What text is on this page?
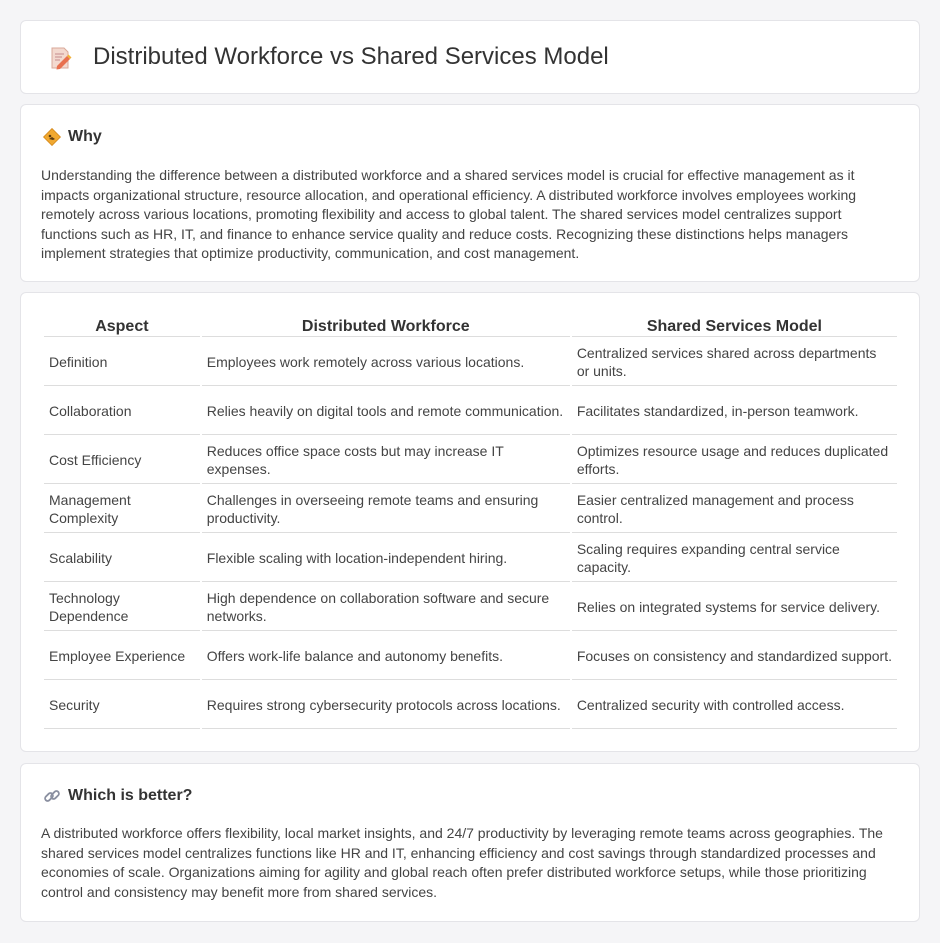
Distributed Workforce vs Shared Services Model
Why

Understanding the difference between a distributed workforce and a shared services model is crucial for effective management as it impacts organizational structure, resource allocation, and operational efficiency. A distributed workforce involves employees working remotely across various locations, promoting flexibility and access to global talent. The shared services model centralizes support functions such as HR, IT, and finance to enhance service quality and reduce costs. Recognizing these distinctions helps managers implement strategies that optimize productivity, communication, and cost management.

Aspect	Distributed Workforce	Shared Services Model
Definition	Employees work remotely across various locations.	Centralized services shared across departments or units.
Collaboration	Relies heavily on digital tools and remote communication.	Facilitates standardized, in-person teamwork.
Cost Efficiency	Reduces office space costs but may increase IT expenses.	Optimizes resource usage and reduces duplicated efforts.
Management Complexity	Challenges in overseeing remote teams and ensuring productivity.	Easier centralized management and process control.
Scalability	Flexible scaling with location-independent hiring.	Scaling requires expanding central service capacity.
Technology Dependence	High dependence on collaboration software and secure networks.	Relies on integrated systems for service delivery.
Employee Experience	Offers work-life balance and autonomy benefits.	Focuses on consistency and standardized support.
Security	Requires strong cybersecurity protocols across locations.	Centralized security with controlled access.
Which is better?

A distributed workforce offers flexibility, local market insights, and 24/7 productivity by leveraging remote teams across geographies. The shared services model centralizes functions like HR and IT, enhancing efficiency and cost savings through standardized processes and economies of scale. Organizations aiming for agility and global reach often prefer distributed workforce setups, while those prioritizing control and consistency may benefit more from shared services.
